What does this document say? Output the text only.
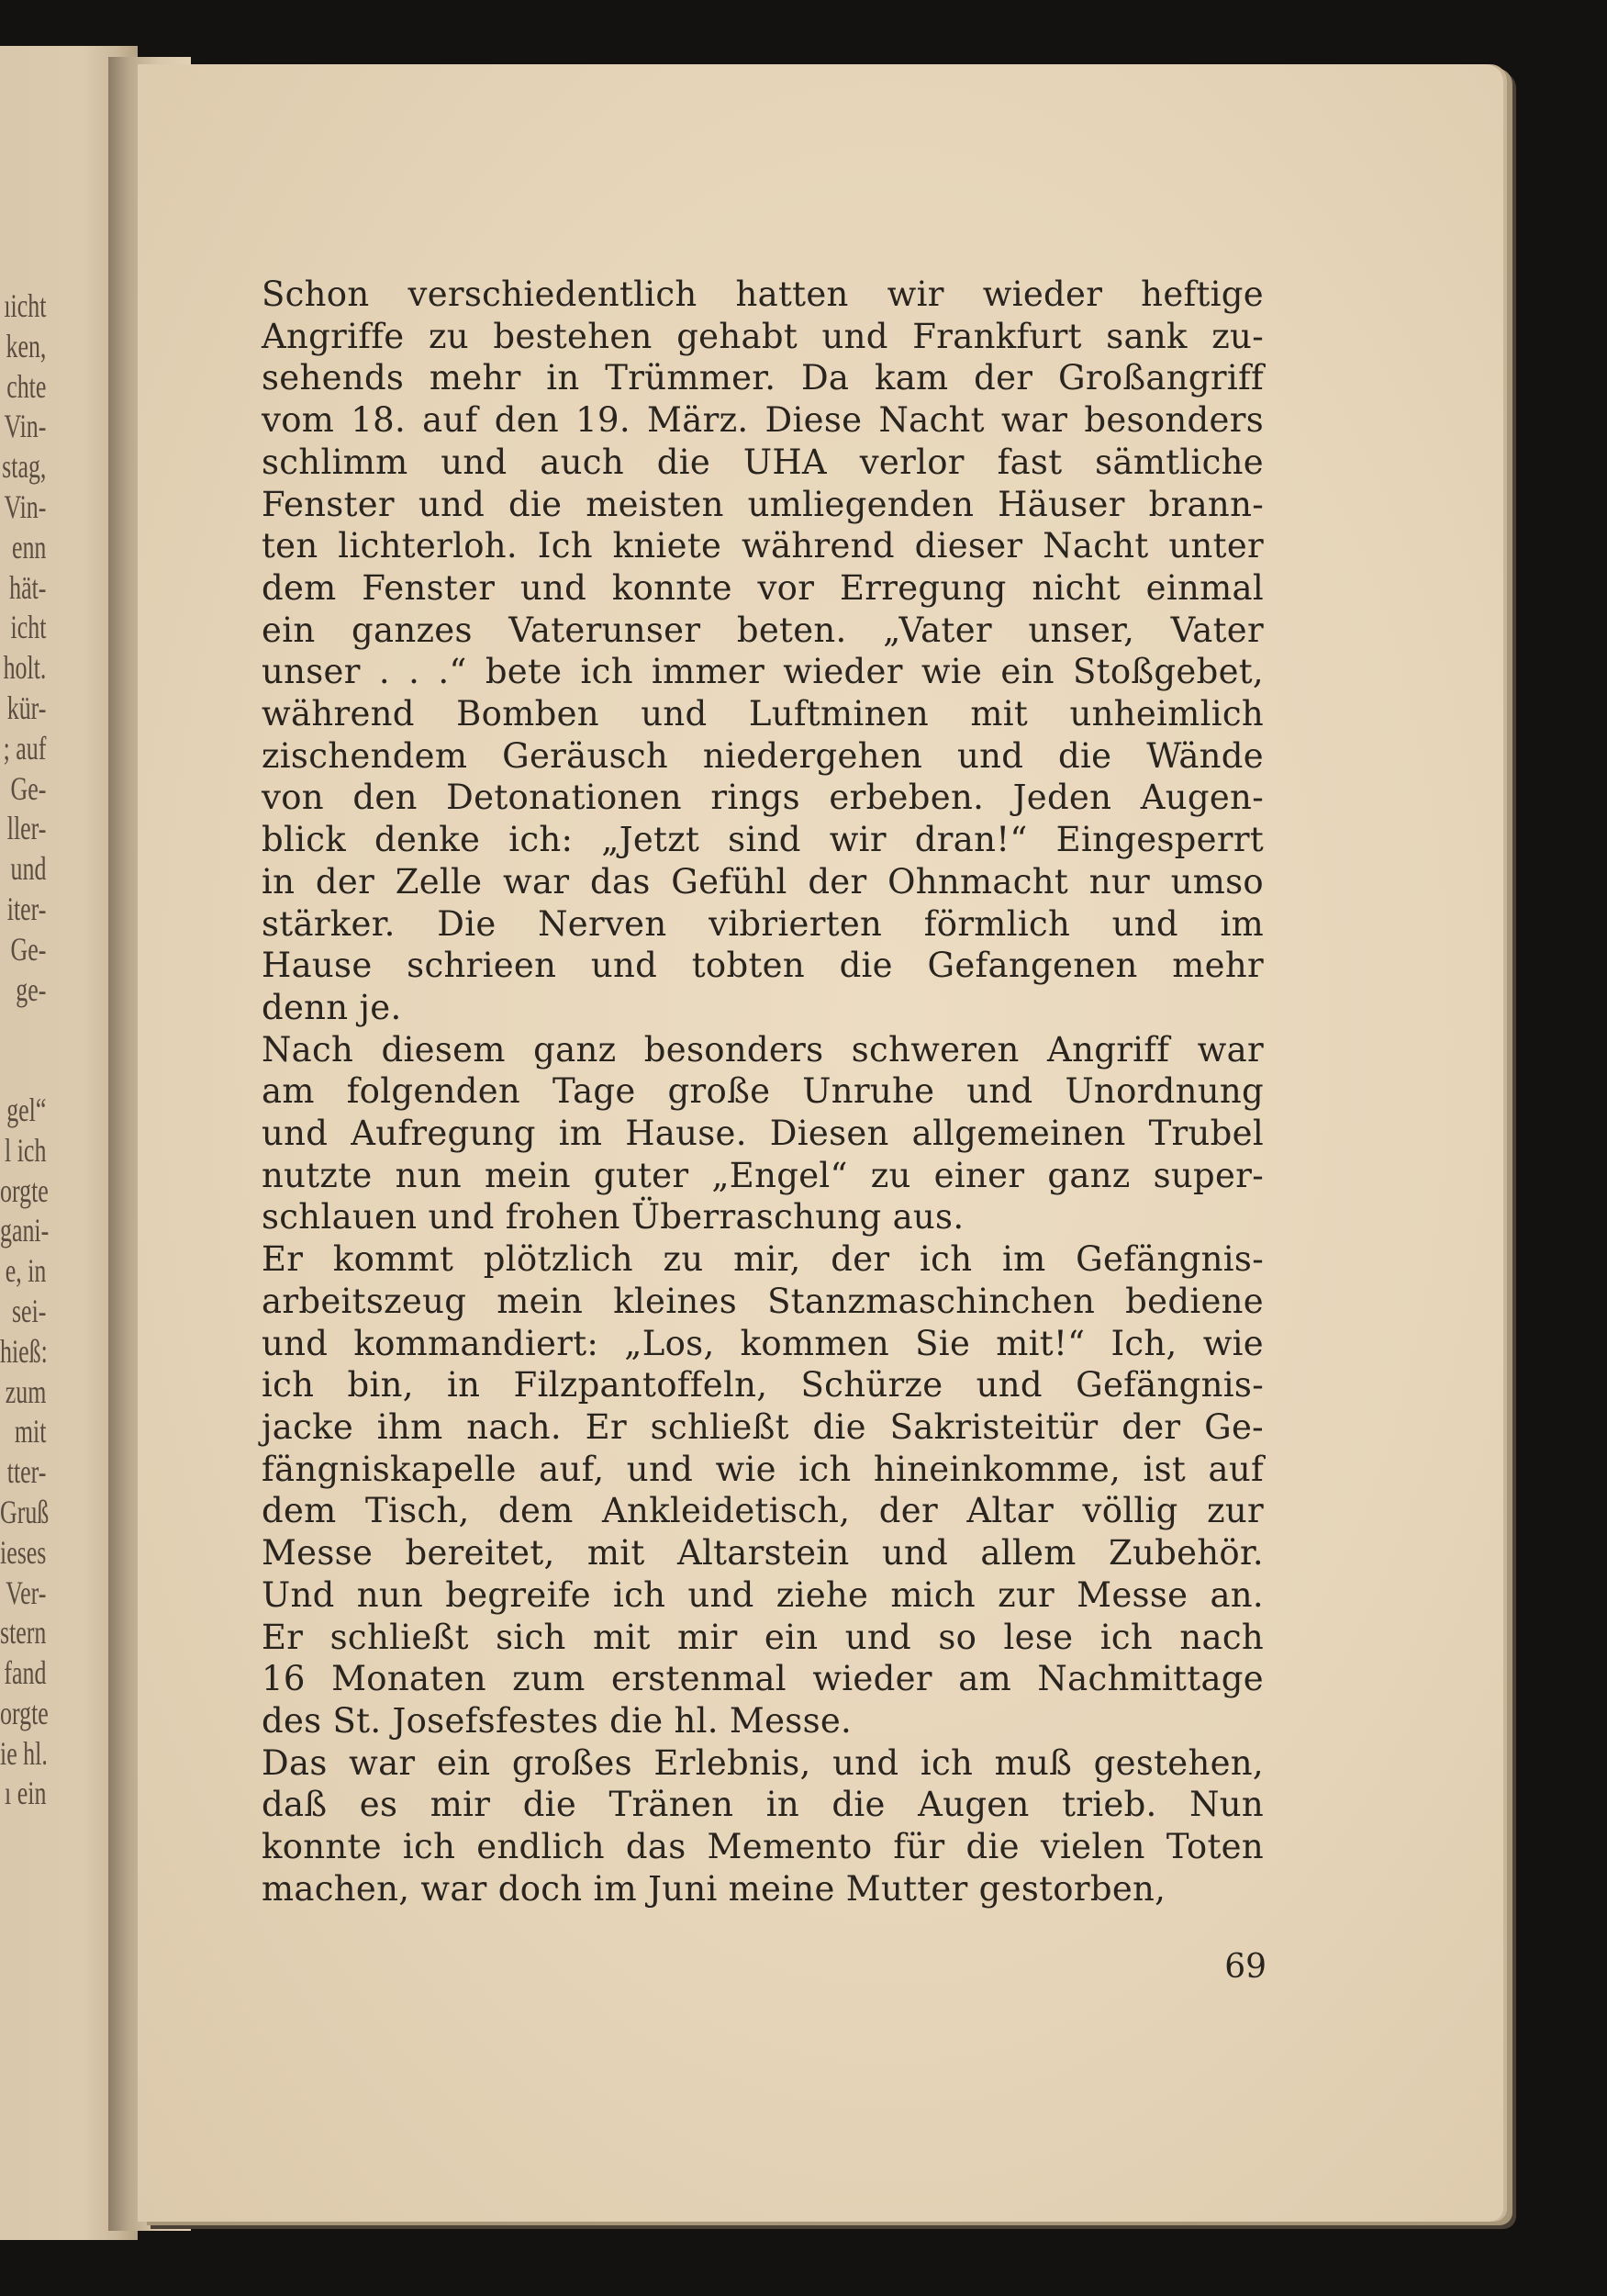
ıicht
ken,
chte
Vin-
stag,
Vin-
enn
hät-
icht
holt.
kür-
; auf
Ge-
ller-
und
iter-
Ge-
ge-
gel“
l ich
orgte
gani-
e, in
sei-
hieß:
zum
mit
tter-
Gruß
ieses
Ver-
stern
fand
orgte
ie hl.
ı ein
Schon verschiedentlich hatten wir wieder heftige
Angriffe zu bestehen gehabt und Frankfurt sank zu-
sehends mehr in Trümmer. Da kam der Großangriff
vom 18. auf den 19. März. Diese Nacht war besonders
schlimm und auch die UHA verlor fast sämtliche
Fenster und die meisten umliegenden Häuser brann-
ten lichterloh. Ich kniete während dieser Nacht unter
dem Fenster und konnte vor Erregung nicht einmal
ein ganzes Vaterunser beten. „Vater unser, Vater
unser . . .“ bete ich immer wieder wie ein Stoßgebet,
während Bomben und Luftminen mit unheimlich
zischendem Geräusch niedergehen und die Wände
von den Detonationen rings erbeben. Jeden Augen-
blick denke ich: „Jetzt sind wir dran!“ Eingesperrt
in der Zelle war das Gefühl der Ohnmacht nur umso
stärker. Die Nerven vibrierten förmlich und im
Hause schrieen und tobten die Gefangenen mehr
denn je.
Nach diesem ganz besonders schweren Angriff war
am folgenden Tage große Unruhe und Unordnung
und Aufregung im Hause. Diesen allgemeinen Trubel
nutzte nun mein guter „Engel“ zu einer ganz super-
schlauen und frohen Überraschung aus.
Er kommt plötzlich zu mir, der ich im Gefängnis-
arbeitszeug mein kleines Stanzmaschinchen bediene
und kommandiert: „Los, kommen Sie mit!“ Ich, wie
ich bin, in Filzpantoffeln, Schürze und Gefängnis-
jacke ihm nach. Er schließt die Sakristeitür der Ge-
fängniskapelle auf, und wie ich hineinkomme, ist auf
dem Tisch, dem Ankleidetisch, der Altar völlig zur
Messe bereitet, mit Altarstein und allem Zubehör.
Und nun begreife ich und ziehe mich zur Messe an.
Er schließt sich mit mir ein und so lese ich nach
16 Monaten zum erstenmal wieder am Nachmittage
des St. Josefsfestes die hl. Messe.
Das war ein großes Erlebnis, und ich muß gestehen,
daß es mir die Tränen in die Augen trieb. Nun
konnte ich endlich das Memento für die vielen Toten
machen, war doch im Juni meine Mutter gestorben,
69
